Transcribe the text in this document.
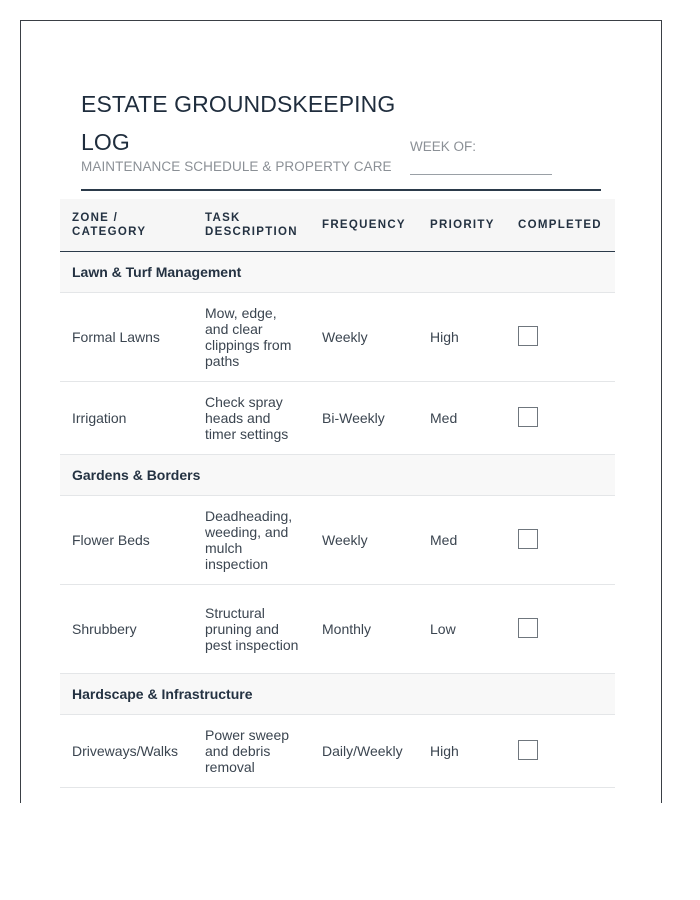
ESTATE GROUNDSKEEPING LOG
MAINTENANCE SCHEDULE & PROPERTY CARE
WEEK OF:
ZONE / CATEGORY	TASK DESCRIPTION	FREQUENCY	PRIORITY	COMPLETED
Lawn & Turf Management				
Formal Lawns	Mow, edge, and clear clippings from paths	Weekly	High	
Irrigation	Check spray heads and timer settings	Bi-Weekly	Med	
Gardens & Borders				
Flower Beds	Deadheading, weeding, and mulch inspection	Weekly	Med	
Shrubbery	Structural pruning and pest inspection	Monthly	Low	
Hardscape & Infrastructure				
Driveways/Walks	Power sweep and debris removal	Daily/Weekly	High	
